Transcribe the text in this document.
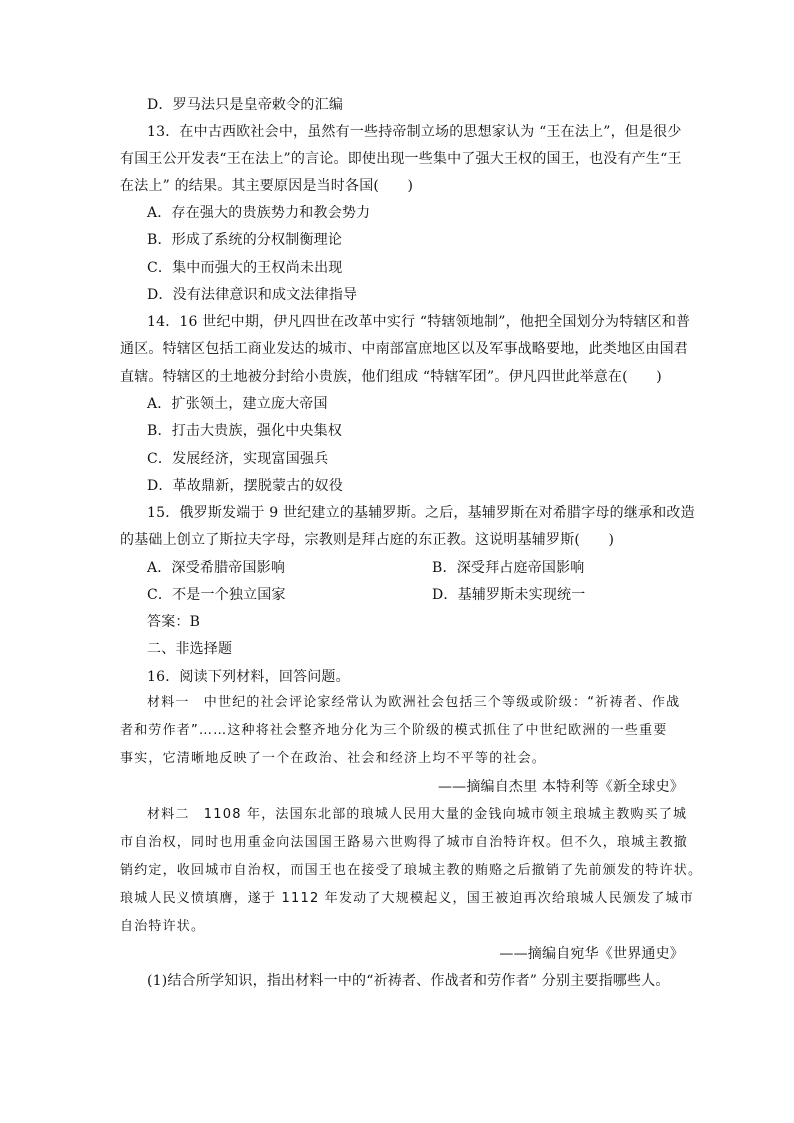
D．罗马法只是皇帝敕令的汇编
13．在中古西欧社会中，虽然有一些持帝制立场的思想家认为 “王在法上”，但是很少
有国王公开发表“王在法上”的言论。即使出现一些集中了强大王权的国王，也没有产生“王
在法上” 的结果。其主要原因是当时各国(　　)
A．存在强大的贵族势力和教会势力
B．形成了系统的分权制衡理论
C．集中而强大的王权尚未出现
D．没有法律意识和成文法律指导
14．16 世纪中期，伊凡四世在改革中实行 “特辖领地制”，他把全国划分为特辖区和普
通区。特辖区包括工商业发达的城市、中南部富庶地区以及军事战略要地，此类地区由国君
直辖。特辖区的土地被分封给小贵族，他们组成 “特辖军团”。伊凡四世此举意在(　　)
A．扩张领土，建立庞大帝国
B．打击大贵族，强化中央集权
C．发展经济，实现富国强兵
D．革故鼎新，摆脱蒙古的奴役
15．俄罗斯发端于 9 世纪建立的基辅罗斯。之后，基辅罗斯在对希腊字母的继承和改造
的基础上创立了斯拉夫字母，宗教则是拜占庭的东正教。这说明基辅罗斯(　　)
A．深受希腊帝国影响	B．深受拜占庭帝国影响
C．不是一个独立国家	D．基辅罗斯未实现统一
答案：B
二、非选择题
16．阅读下列材料，回答问题。
材料一　中世纪的社会评论家经常认为欧洲社会包括三个等级或阶级：“祈祷者、作战
者和劳作者”……这种将社会整齐地分化为三个阶级的模式抓住了中世纪欧洲的一些重要
事实，它清晰地反映了一个在政治、社会和经济上均不平等的社会。
——摘编自杰里 本特利等《新全球史》
材料二　1108 年，法国东北部的琅城人民用大量的金钱向城市领主琅城主教购买了城
市自治权，同时也用重金向法国国王路易六世购得了城市自治特许权。但不久，琅城主教撤
销约定，收回城市自治权，而国王也在接受了琅城主教的贿赂之后撤销了先前颁发的特许状。
琅城人民义愤填膺，遂于 1112 年发动了大规模起义，国王被迫再次给琅城人民颁发了城市
自治特许状。
——摘编自宛华《世界通史》
(1)结合所学知识，指出材料一中的“祈祷者、作战者和劳作者” 分别主要指哪些人。
